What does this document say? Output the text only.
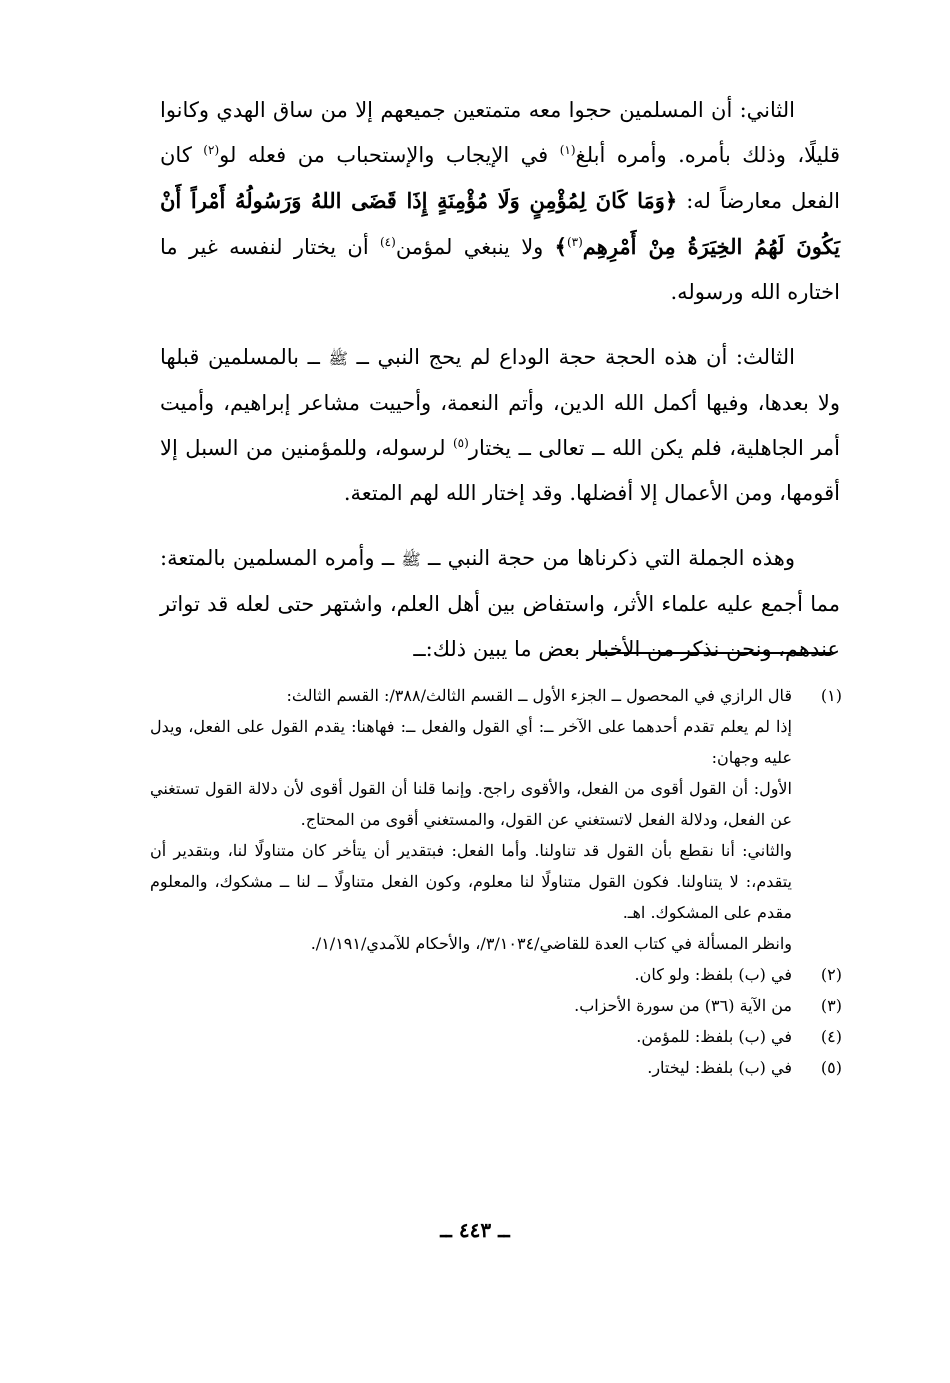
الثاني: أن المسلمين حجوا معه متمتعين جميعهم إلا من ساق الهدي وكانوا قليلًا، وذلك بأمره. وأمره أبلغ$^{(١)}$ في الإيجاب والإستحباب من فعله لو$^{(٢)}$ كان الفعل معارضاً له: ﴿وَمَا كَانَ لِمُؤْمِنٍ وَلَا مُؤْمِنَةٍ إِذَا قَضَى اللهُ وَرَسُولُهُ أَمْراً أَنْ يَكُونَ لَهُمُ الخِيَرَةُ مِنْ أَمْرِهِم$^{(٣)}$﴾ ولا ينبغي لمؤمن$^{(٤)}$ أن يختار لنفسه غير ما اختاره الله ورسوله.

الثالث: أن هذه الحجة حجة الوداع لم يحج النبي ــ ﷺ ــ بالمسلمين قبلها ولا بعدها، وفيها أكمل الله الدين، وأتم النعمة، وأحييت مشاعر إبراهيم، وأميت أمر الجاهلية، فلم يكن الله ــ تعالى ــ يختار$^{(٥)}$ لرسوله، وللمؤمنين من السبل إلا أقومها، ومن الأعمال إلا أفضلها. وقد إختار الله لهم المتعة.

وهذه الجملة التي ذكرناها من حجة النبي ــ ﷺ ــ وأمره المسلمين بالمتعة: مما أجمع عليه علماء الأثر، واستفاض بين أهل العلم، واشتهر حتى لعله قد تواتر عندهم، ونحن نذكر من الأخبار بعض ما يبين ذلك:ــ

(١)
قال الرازي في المحصول ــ الجزء الأول ــ القسم الثالث/٣٨٨/: القسم الثالث:
إذا لم يعلم تقدم أحدهما على الآخر ــ: أي القول والفعل ــ: فهاهنا: يقدم القول على الفعل، ويدل عليه وجهان:
الأول: أن القول أقوى من الفعل، والأقوى راجح. وإنما قلنا أن القول أقوى لأن دلالة القول تستغني عن الفعل، ودلالة الفعل لاتستغني عن القول، والمستغني أقوى من المحتاج.
والثاني: أنا نقطع بأن القول قد تناولنا. وأما الفعل: فبتقدير أن يتأخر كان متناولًا لنا، وبتقدير أن يتقدم،: لا يتناولنا. فكون القول متناولًا لنا معلوم، وكون الفعل متناولًا ــ لنا ــ مشكوك، والمعلوم مقدم على المشكوك. اهـ.
وانظر المسألة في كتاب العدة للقاضي/٣/١٠٣٤/، والأحكام للآمدي/١/١٩١/.
(٢)
في (ب) بلفظ: ولو كان.
(٣)
من الآية (٣٦) من سورة الأحزاب.
(٤)
في (ب) بلفظ: للمؤمن.
(٥)
في (ب) بلفظ: ليختار.
ــ ٤٤٣ ــ
